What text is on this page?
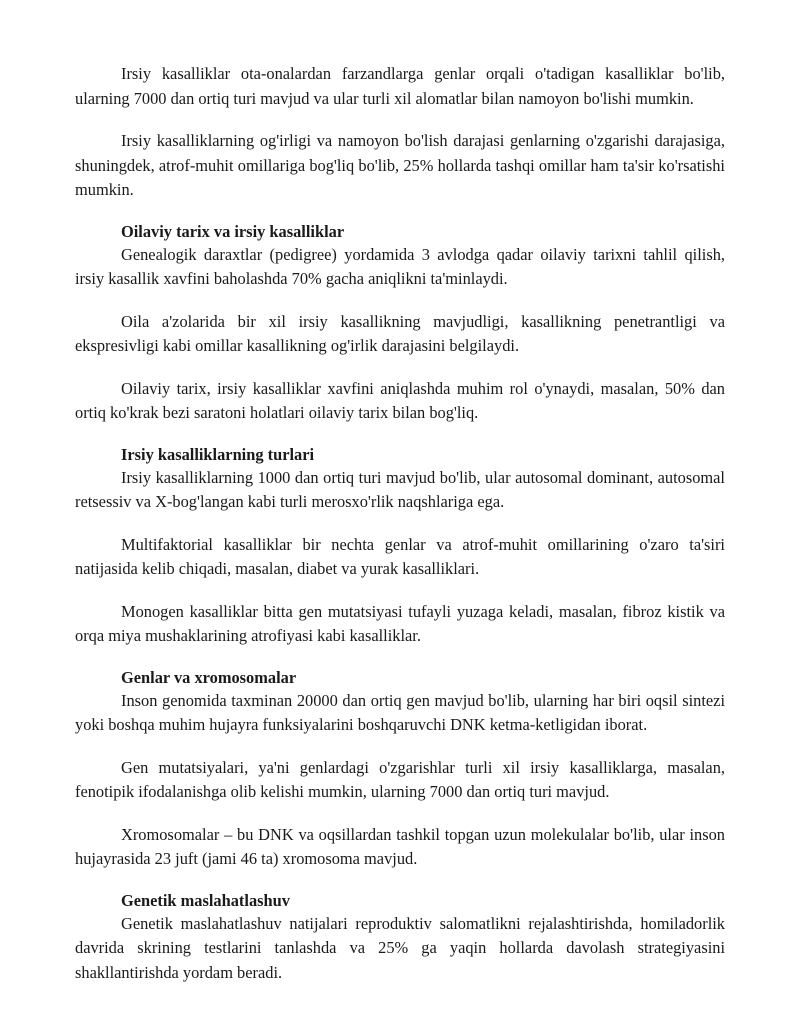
Irsiy kasalliklar ota-onalardan farzandlarga genlar orqali o'tadigan kasalliklar bo'lib, ularning 7000 dan ortiq turi mavjud va ular turli xil alomatlar bilan namoyon bo'lishi mumkin.

Irsiy kasalliklarning og'irligi va namoyon bo'lish darajasi genlarning o'zgarishi darajasiga, shuningdek, atrof-muhit omillariga bog'liq bo'lib, 25% hollarda tashqi omillar ham ta'sir ko'rsatishi mumkin.

Oilaviy tarix va irsiy kasalliklar

Genealogik daraxtlar (pedigree) yordamida 3 avlodga qadar oilaviy tarixni tahlil qilish, irsiy kasallik xavfini baholashda 70% gacha aniqlikni ta'minlaydi.

Oila a'zolarida bir xil irsiy kasallikning mavjudligi, kasallikning penetrantligi va ekspresivligi kabi omillar kasallikning og'irlik darajasini belgilaydi.

Oilaviy tarix, irsiy kasalliklar xavfini aniqlashda muhim rol o'ynaydi, masalan, 50% dan ortiq ko'krak bezi saratoni holatlari oilaviy tarix bilan bog'liq.

Irsiy kasalliklarning turlari

Irsiy kasalliklarning 1000 dan ortiq turi mavjud bo'lib, ular autosomal dominant, autosomal retsessiv va X-bog'langan kabi turli merosxo'rlik naqshlariga ega.

Multifaktorial kasalliklar bir nechta genlar va atrof-muhit omillarining o'zaro ta'siri natijasida kelib chiqadi, masalan, diabet va yurak kasalliklari.

Monogen kasalliklar bitta gen mutatsiyasi tufayli yuzaga keladi, masalan, fibroz kistik va orqa miya mushaklarining atrofiyasi kabi kasalliklar.

Genlar va xromosomalar

Inson genomida taxminan 20000 dan ortiq gen mavjud bo'lib, ularning har biri oqsil sintezi yoki boshqa muhim hujayra funksiyalarini boshqaruvchi DNK ketma-ketligidan iborat.

Gen mutatsiyalari, ya'ni genlardagi o'zgarishlar turli xil irsiy kasalliklarga, masalan, fenotipik ifodalanishga olib kelishi mumkin, ularning 7000 dan ortiq turi mavjud.

Xromosomalar – bu DNK va oqsillardan tashkil topgan uzun molekulalar bo'lib, ular inson hujayrasida 23 juft (jami 46 ta) xromosoma mavjud.

Genetik maslahatlashuv

Genetik maslahatlashuv natijalari reproduktiv salomatlikni rejalashtirishda, homiladorlik davrida skrining testlarini tanlashda va 25% ga yaqin hollarda davolash strategiyasini shakllantirishda yordam beradi.
